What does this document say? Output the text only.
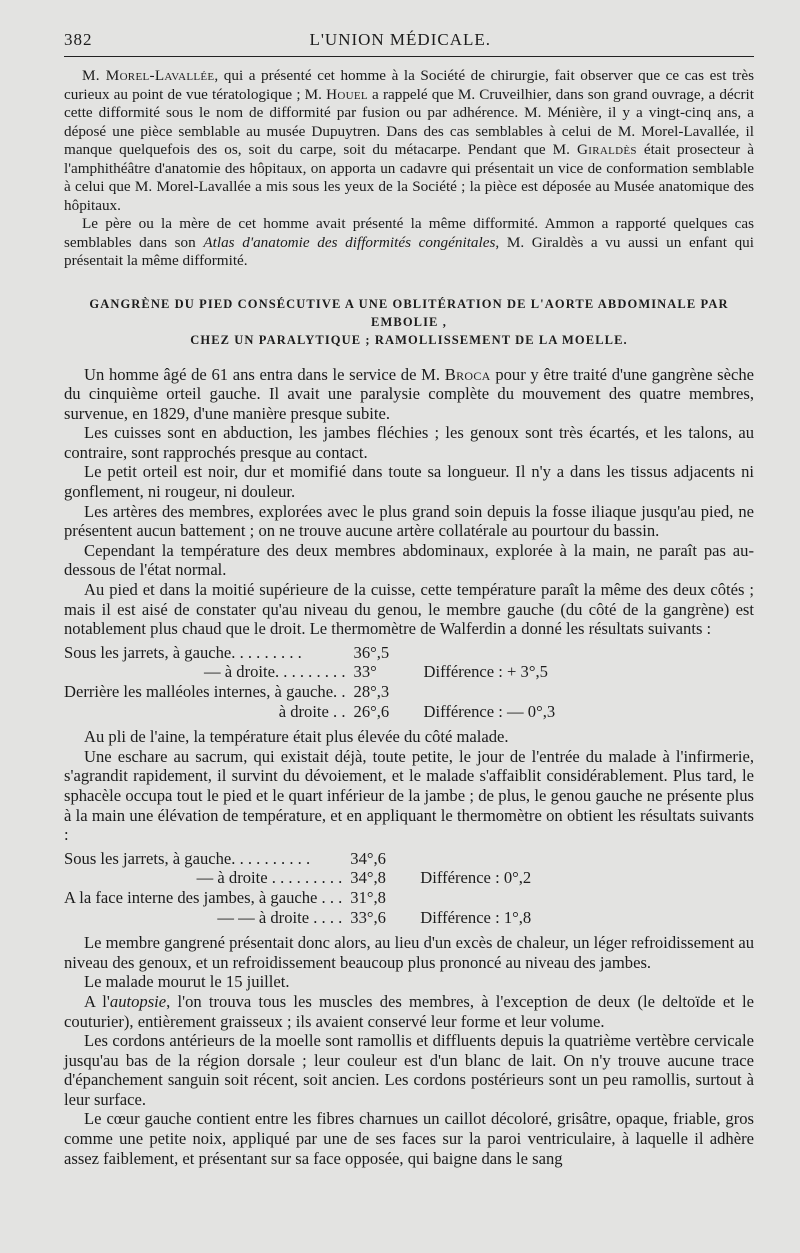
382	L'UNION MÉDICALE.

M. Morel-Lavallée, qui a présenté cet homme à la Société de chirurgie, fait observer que ce cas est très curieux au point de vue tératologique ; M. Houel a rappelé que M. Cruveilhier, dans son grand ouvrage, a décrit cette difformité sous le nom de difformité par fusion ou par adhérence. M. Ménière, il y a vingt-cinq ans, a déposé une pièce semblable au musée Dupuytren. Dans des cas semblables à celui de M. Morel-Lavallée, il manque quelquefois des os, soit du carpe, soit du métacarpe. Pendant que M. Giraldès était prosecteur à l'amphithéâtre d'anatomie des hôpitaux, on apporta un cadavre qui présentait un vice de conformation semblable à celui que M. Morel-Lavallée a mis sous les yeux de la Société ; la pièce est déposée au Musée anatomique des hôpitaux.

Le père ou la mère de cet homme avait présenté la même difformité. Ammon a rapporté quelques cas semblables dans son Atlas d'anatomie des difformités congénitales, M. Giraldès a vu aussi un enfant qui présentait la même difformité.

GANGRÈNE DU PIED CONSÉCUTIVE A UNE OBLITÉRATION DE L'AORTE ABDOMINALE PAR EMBOLIE ,
CHEZ UN PARALYTIQUE ; RAMOLLISSEMENT DE LA MOELLE.

Un homme âgé de 61 ans entra dans le service de M. Broca pour y être traité d'une gangrène sèche du cinquième orteil gauche. Il avait une paralysie complète du mouvement des quatre membres, survenue, en 1829, d'une manière presque subite.

Les cuisses sont en abduction, les jambes fléchies ; les genoux sont très écartés, et les talons, au contraire, sont rapprochés presque au contact.

Le petit orteil est noir, dur et momifié dans toute sa longueur. Il n'y a dans les tissus adjacents ni gonflement, ni rougeur, ni douleur.

Les artères des membres, explorées avec le plus grand soin depuis la fosse iliaque jusqu'au pied, ne présentent aucun battement ; on ne trouve aucune artère collatérale au pourtour du bassin.

Cependant la température des deux membres abdominaux, explorée à la main, ne paraît pas au-dessous de l'état normal.

Au pied et dans la moitié supérieure de la cuisse, cette température paraît la même des deux côtés ; mais il est aisé de constater qu'au niveau du genou, le membre gauche (du côté de la gangrène) est notablement plus chaud que le droit. Le thermomètre de Walferdin a donné les résultats suivants :

Sous les jarrets, à gauche. . . . . . . . .	36°,5	
— à droite. . . . . . . . .	33°	Différence : + 3°,5
Derrière les malléoles internes, à gauche. .	28°,3	
à droite . .	26°,6	Différence : — 0°,3

Au pli de l'aine, la température était plus élevée du côté malade.

Une eschare au sacrum, qui existait déjà, toute petite, le jour de l'entrée du malade à l'infirmerie, s'agrandit rapidement, il survint du dévoiement, et le malade s'affaiblit considérablement. Plus tard, le sphacèle occupa tout le pied et le quart inférieur de la jambe ; de plus, le genou gauche ne présente plus à la main une élévation de température, et en appliquant le thermomètre on obtient les résultats suivants :

Sous les jarrets, à gauche. . . . . . . . . .	34°,6	
— à droite . . . . . . . . .	34°,8	Différence : 0°,2
A la face interne des jambes, à gauche . . .	31°,8	
— — à droite . . . .	33°,6	Différence : 1°,8

Le membre gangrené présentait donc alors, au lieu d'un excès de chaleur, un léger refroidissement au niveau des genoux, et un refroidissement beaucoup plus prononcé au niveau des jambes.

Le malade mourut le 15 juillet.

A l'autopsie, l'on trouva tous les muscles des membres, à l'exception de deux (le deltoïde et le couturier), entièrement graisseux ; ils avaient conservé leur forme et leur volume.

Les cordons antérieurs de la moelle sont ramollis et diffluents depuis la quatrième vertèbre cervicale jusqu'au bas de la région dorsale ; leur couleur est d'un blanc de lait. On n'y trouve aucune trace d'épanchement sanguin soit récent, soit ancien. Les cordons postérieurs sont un peu ramollis, surtout à leur surface.

Le cœur gauche contient entre les fibres charnues un caillot décoloré, grisâtre, opaque, friable, gros comme une petite noix, appliqué par une de ses faces sur la paroi ventriculaire, à laquelle il adhère assez faiblement, et présentant sur sa face opposée, qui baigne dans le sang
